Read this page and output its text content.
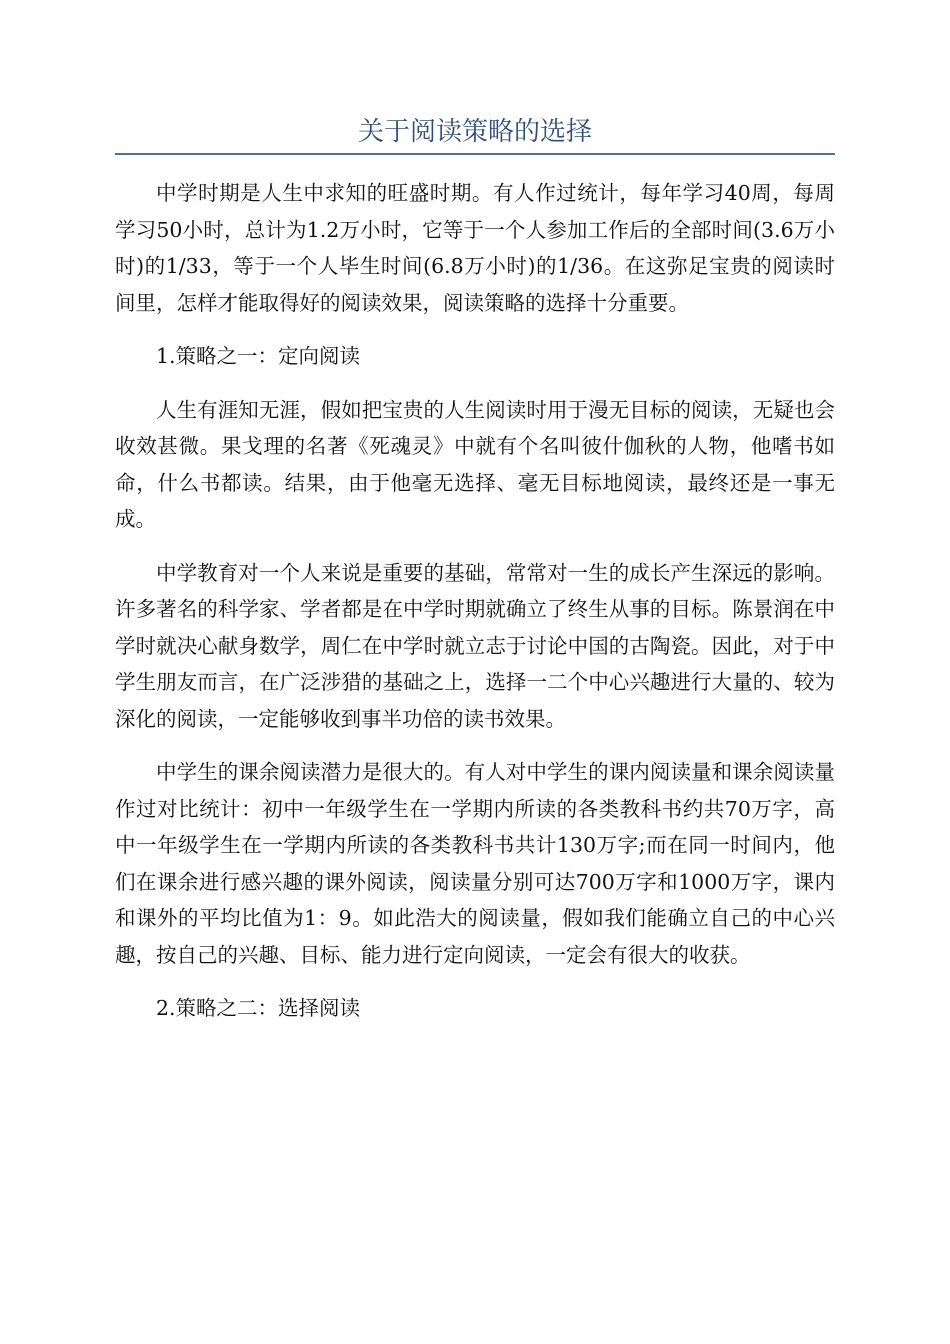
关于阅读策略的选择

中学时期是人生中求知的旺盛时期。有人作过统计，每年学习40周，每周学习50小时，总计为1.2万小时，它等于一个人参加工作后的全部时间(3.6万小时)的1/33，等于一个人毕生时间(6.8万小时)的1/36。在这弥足宝贵的阅读时间里，怎样才能取得好的阅读效果，阅读策略的选择十分重要。

1.策略之一：定向阅读

人生有涯知无涯，假如把宝贵的人生阅读时用于漫无目标的阅读，无疑也会收效甚微。果戈理的名著《死魂灵》中就有个名叫彼什伽秋的人物，他嗜书如命，什么书都读。结果，由于他毫无选择、毫无目标地阅读，最终还是一事无成。

中学教育对一个人来说是重要的基础，常常对一生的成长产生深远的影响。许多著名的科学家、学者都是在中学时期就确立了终生从事的目标。陈景润在中学时就决心献身数学，周仁在中学时就立志于讨论中国的古陶瓷。因此，对于中学生朋友而言，在广泛涉猎的基础之上，选择一二个中心兴趣进行大量的、较为深化的阅读，一定能够收到事半功倍的读书效果。

中学生的课余阅读潜力是很大的。有人对中学生的课内阅读量和课余阅读量作过对比统计：初中一年级学生在一学期内所读的各类教科书约共70万字，高中一年级学生在一学期内所读的各类教科书共计130万字;而在同一时间内，他们在课余进行感兴趣的课外阅读，阅读量分别可达700万字和1000万字，课内和课外的平均比值为1：9。如此浩大的阅读量，假如我们能确立自己的中心兴趣，按自己的兴趣、目标、能力进行定向阅读，一定会有很大的收获。

2.策略之二：选择阅读
